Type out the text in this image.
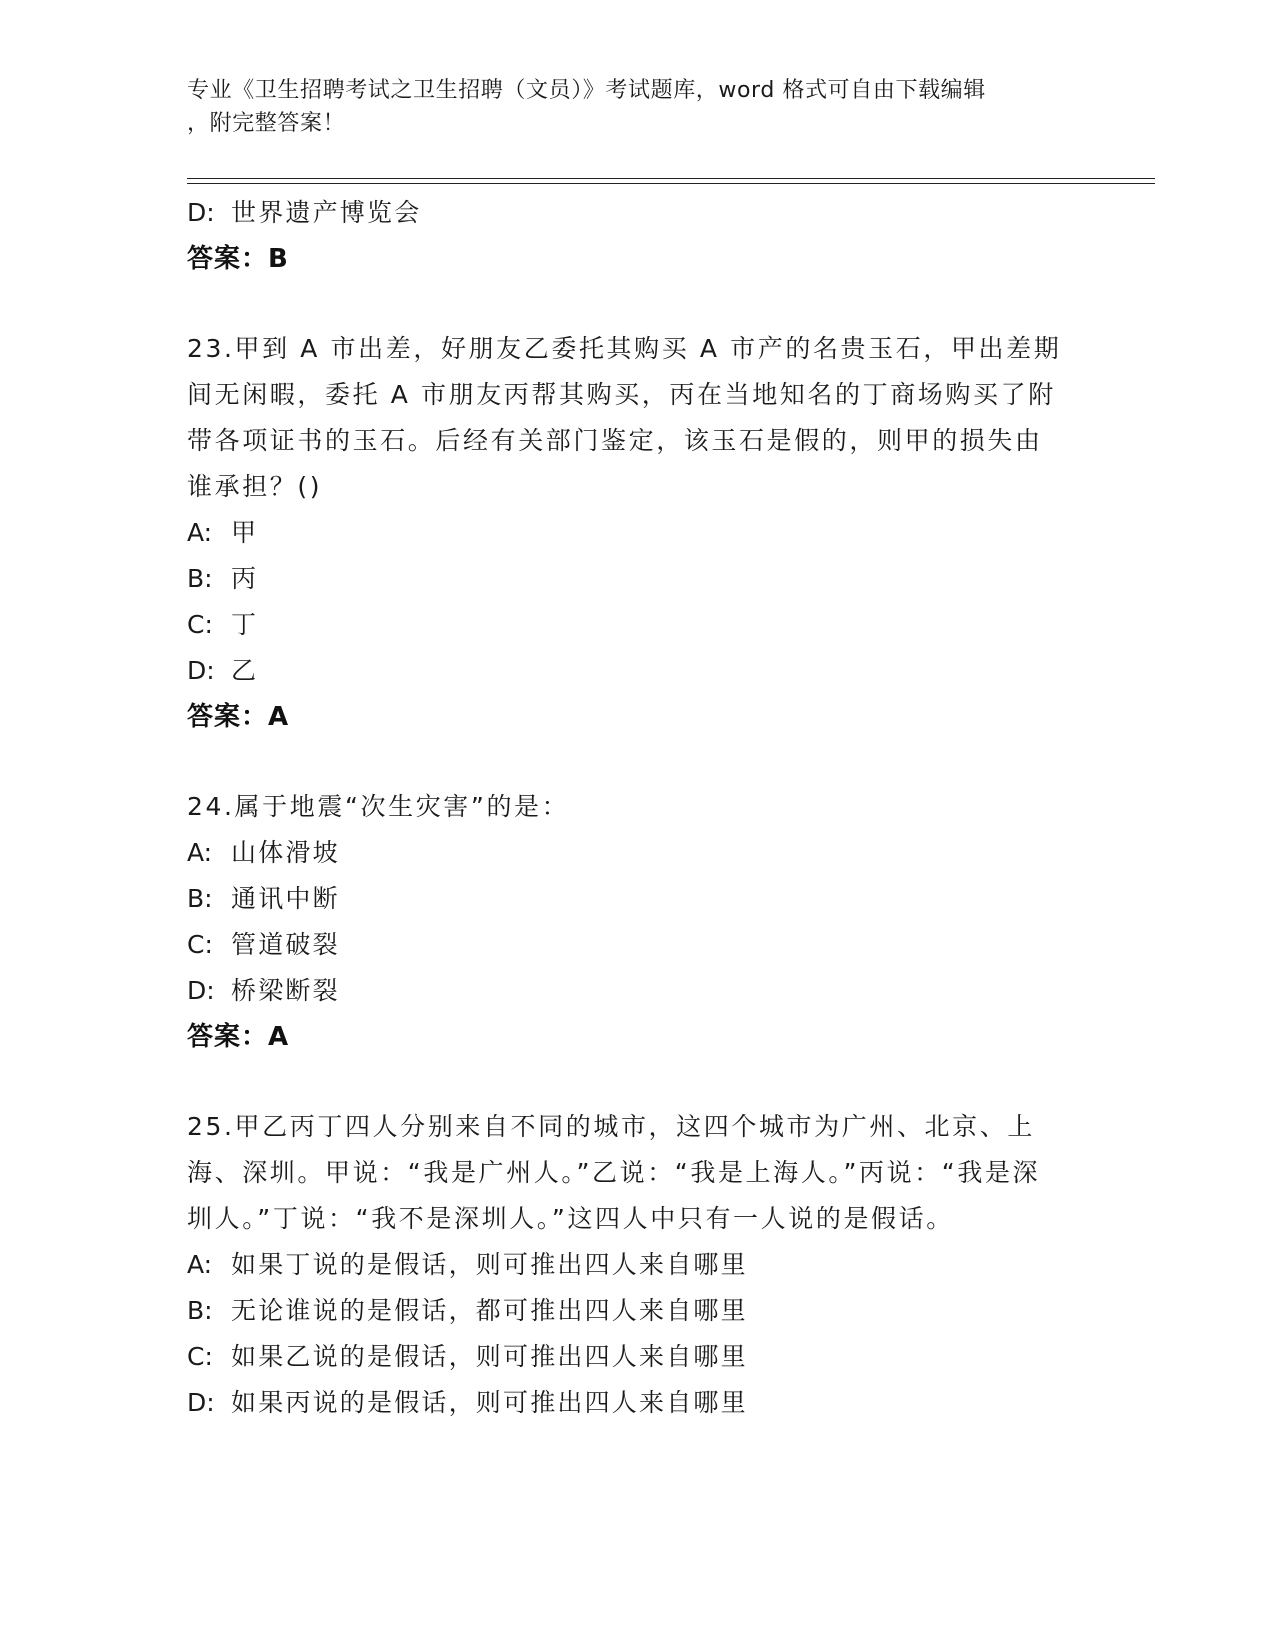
专业《卫生招聘考试之卫生招聘（文员）》考试题库，word 格式可自由下载编辑
，附完整答案！
D: 世界遗产博览会
答案：B
23.甲到 A 市出差，好朋友乙委托其购买 A 市产的名贵玉石，甲出差期间无闲暇，委托 A 市朋友丙帮其购买，丙在当地知名的丁商场购买了附带各项证书的玉石。后经有关部门鉴定，该玉石是假的，则甲的损失由谁承担？()
A: 甲
B: 丙
C: 丁
D: 乙
答案：A
24.属于地震“次生灾害”的是：
A: 山体滑坡
B: 通讯中断
C: 管道破裂
D: 桥梁断裂
答案：A
25.甲乙丙丁四人分别来自不同的城市，这四个城市为广州、北京、上海、深圳。甲说：“我是广州人。”乙说：“我是上海人。”丙说：“我是深圳人。”丁说：“我不是深圳人。”这四人中只有一人说的是假话。
A: 如果丁说的是假话，则可推出四人来自哪里
B: 无论谁说的是假话，都可推出四人来自哪里
C: 如果乙说的是假话，则可推出四人来自哪里
D: 如果丙说的是假话，则可推出四人来自哪里
